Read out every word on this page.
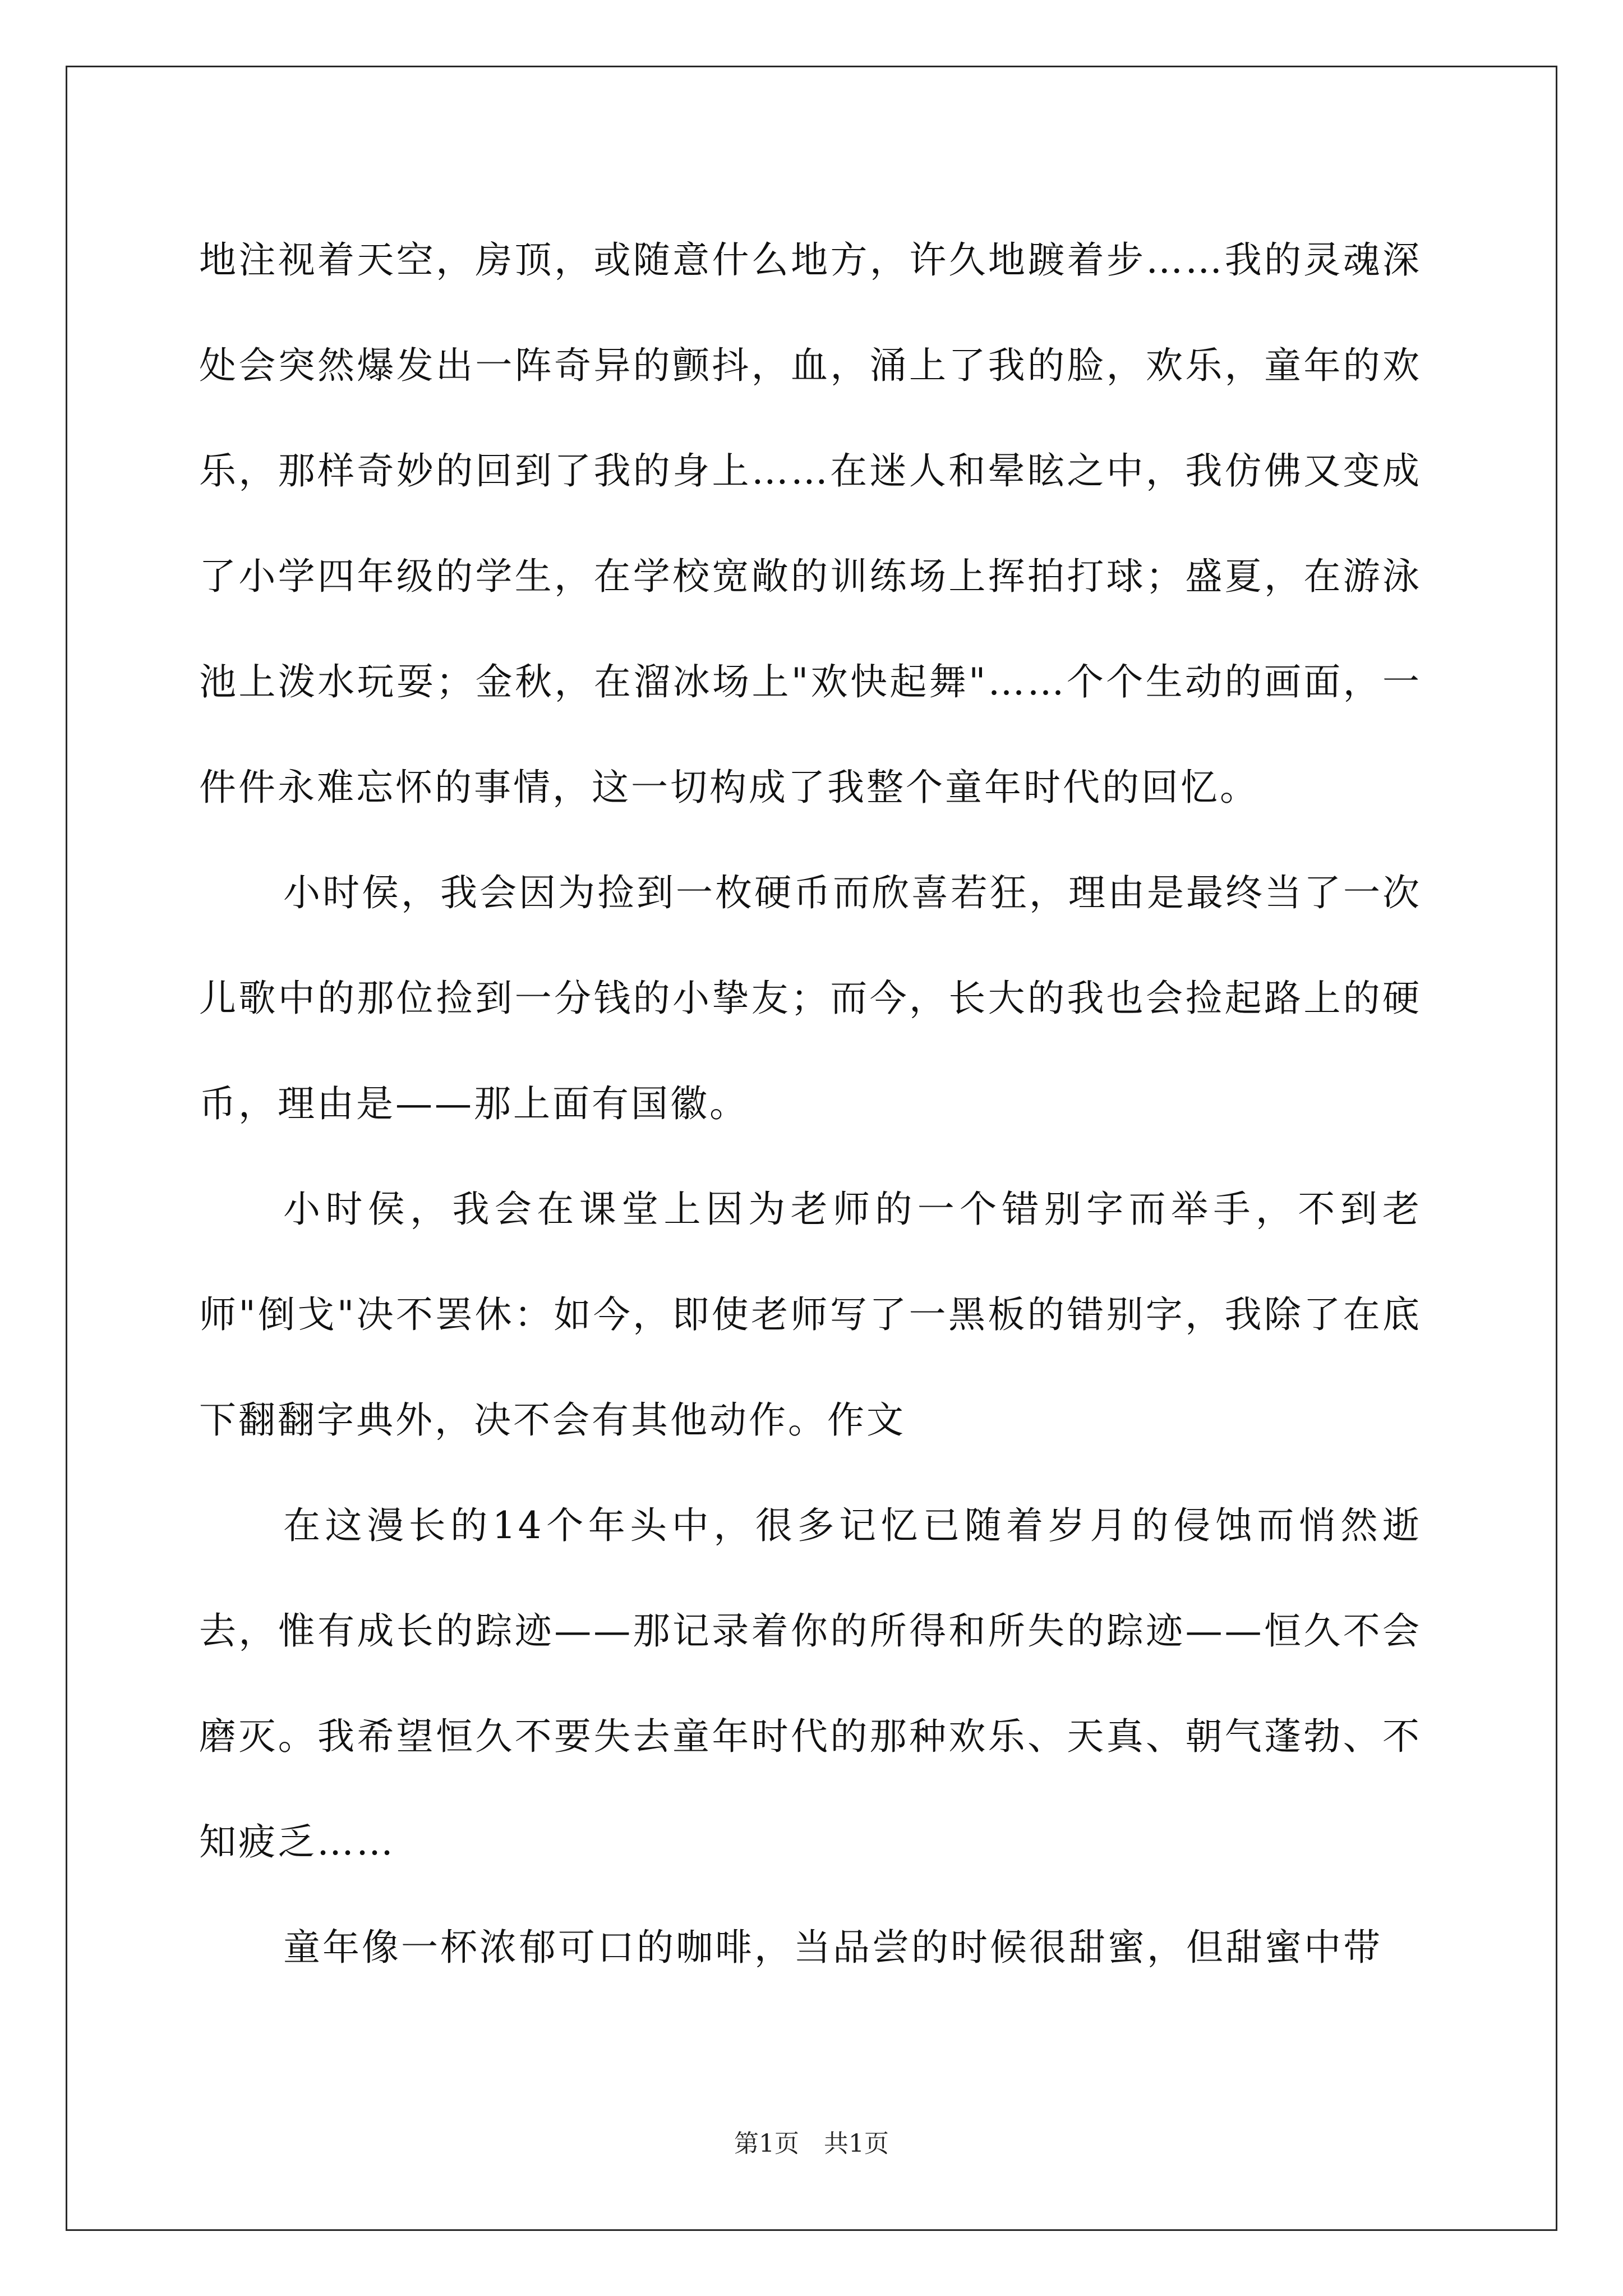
地注视着天空，房顶，或随意什么地方，许久地踱着步……我的灵魂深处会突然爆发出一阵奇异的颤抖，血，涌上了我的脸，欢乐，童年的欢乐，那样奇妙的回到了我的身上……在迷人和晕眩之中，我仿佛又变成了小学四年级的学生，在学校宽敞的训练场上挥拍打球；盛夏，在游泳池上泼水玩耍；金秋，在溜冰场上"欢快起舞"……个个生动的画面，一件件永难忘怀的事情，这一切构成了我整个童年时代的回忆。

小时侯，我会因为捡到一枚硬币而欣喜若狂，理由是最终当了一次儿歌中的那位捡到一分钱的小挚友；而今，长大的我也会捡起路上的硬币，理由是——那上面有国徽。

小时侯，我会在课堂上因为老师的一个错别字而举手，不到老师"倒戈"决不罢休：如今，即使老师写了一黑板的错别字，我除了在底下翻翻字典外，决不会有其他动作。作文

在这漫长的14个年头中，很多记忆已随着岁月的侵蚀而悄然逝去，惟有成长的踪迹——那记录着你的所得和所失的踪迹——恒久不会磨灭。我希望恒久不要失去童年时代的那种欢乐、天真、朝气蓬勃、不知疲乏……

童年像一杯浓郁可口的咖啡，当品尝的时候很甜蜜，但甜蜜中带

第1页　共1页
